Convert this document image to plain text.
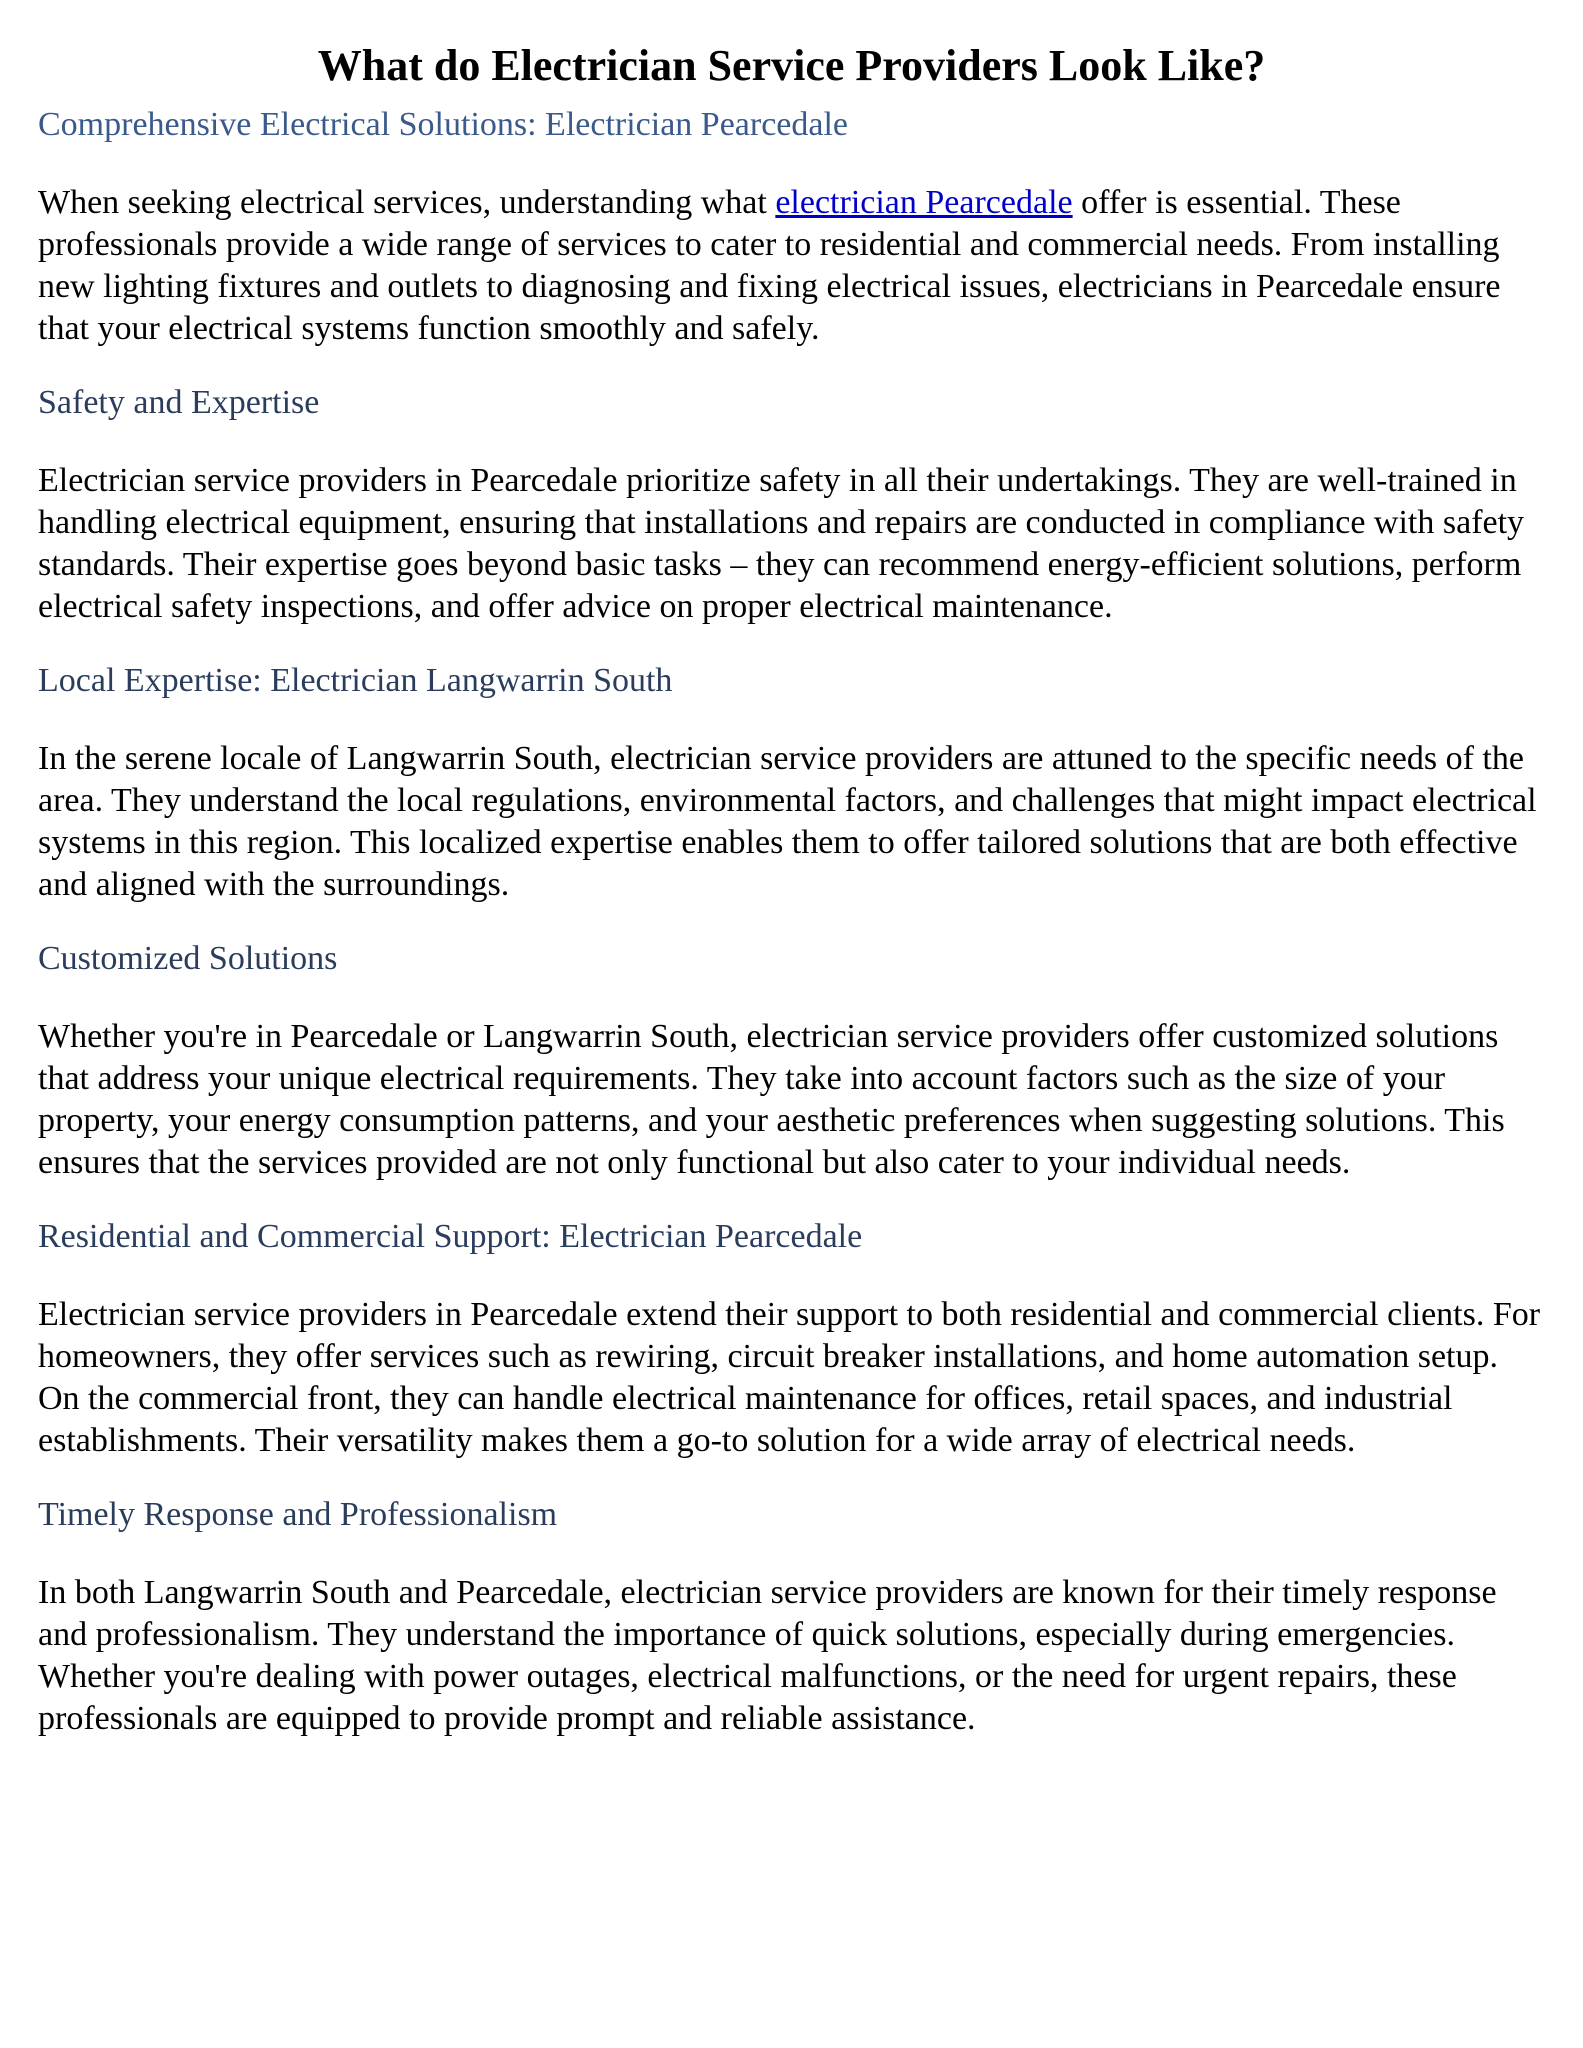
What do Electrician Service Providers Look Like?
Comprehensive Electrical Solutions: Electrician Pearcedale

When seeking electrical services, understanding what electrician Pearcedale offer is essential. These professionals provide a wide range of services to cater to residential and commercial needs. From installing new lighting fixtures and outlets to diagnosing and fixing electrical issues, electricians in Pearcedale ensure that your electrical systems function smoothly and safely.

Safety and Expertise

Electrician service providers in Pearcedale prioritize safety in all their undertakings. They are well-trained in handling electrical equipment, ensuring that installations and repairs are conducted in compliance with safety standards. Their expertise goes beyond basic tasks – they can recommend energy-efficient solutions, perform electrical safety inspections, and offer advice on proper electrical maintenance.

Local Expertise: Electrician Langwarrin South

In the serene locale of Langwarrin South, electrician service providers are attuned to the specific needs of the area. They understand the local regulations, environmental factors, and challenges that might impact electrical systems in this region. This localized expertise enables them to offer tailored solutions that are both effective and aligned with the surroundings.

Customized Solutions

Whether you're in Pearcedale or Langwarrin South, electrician service providers offer customized solutions that address your unique electrical requirements. They take into account factors such as the size of your property, your energy consumption patterns, and your aesthetic preferences when suggesting solutions. This ensures that the services provided are not only functional but also cater to your individual needs.

Residential and Commercial Support: Electrician Pearcedale

Electrician service providers in Pearcedale extend their support to both residential and commercial clients. For homeowners, they offer services such as rewiring, circuit breaker installations, and home automation setup. On the commercial front, they can handle electrical maintenance for offices, retail spaces, and industrial establishments. Their versatility makes them a go-to solution for a wide array of electrical needs.

Timely Response and Professionalism

In both Langwarrin South and Pearcedale, electrician service providers are known for their timely response and professionalism. They understand the importance of quick solutions, especially during emergencies. Whether you're dealing with power outages, electrical malfunctions, or the need for urgent repairs, these professionals are equipped to provide prompt and reliable assistance.
